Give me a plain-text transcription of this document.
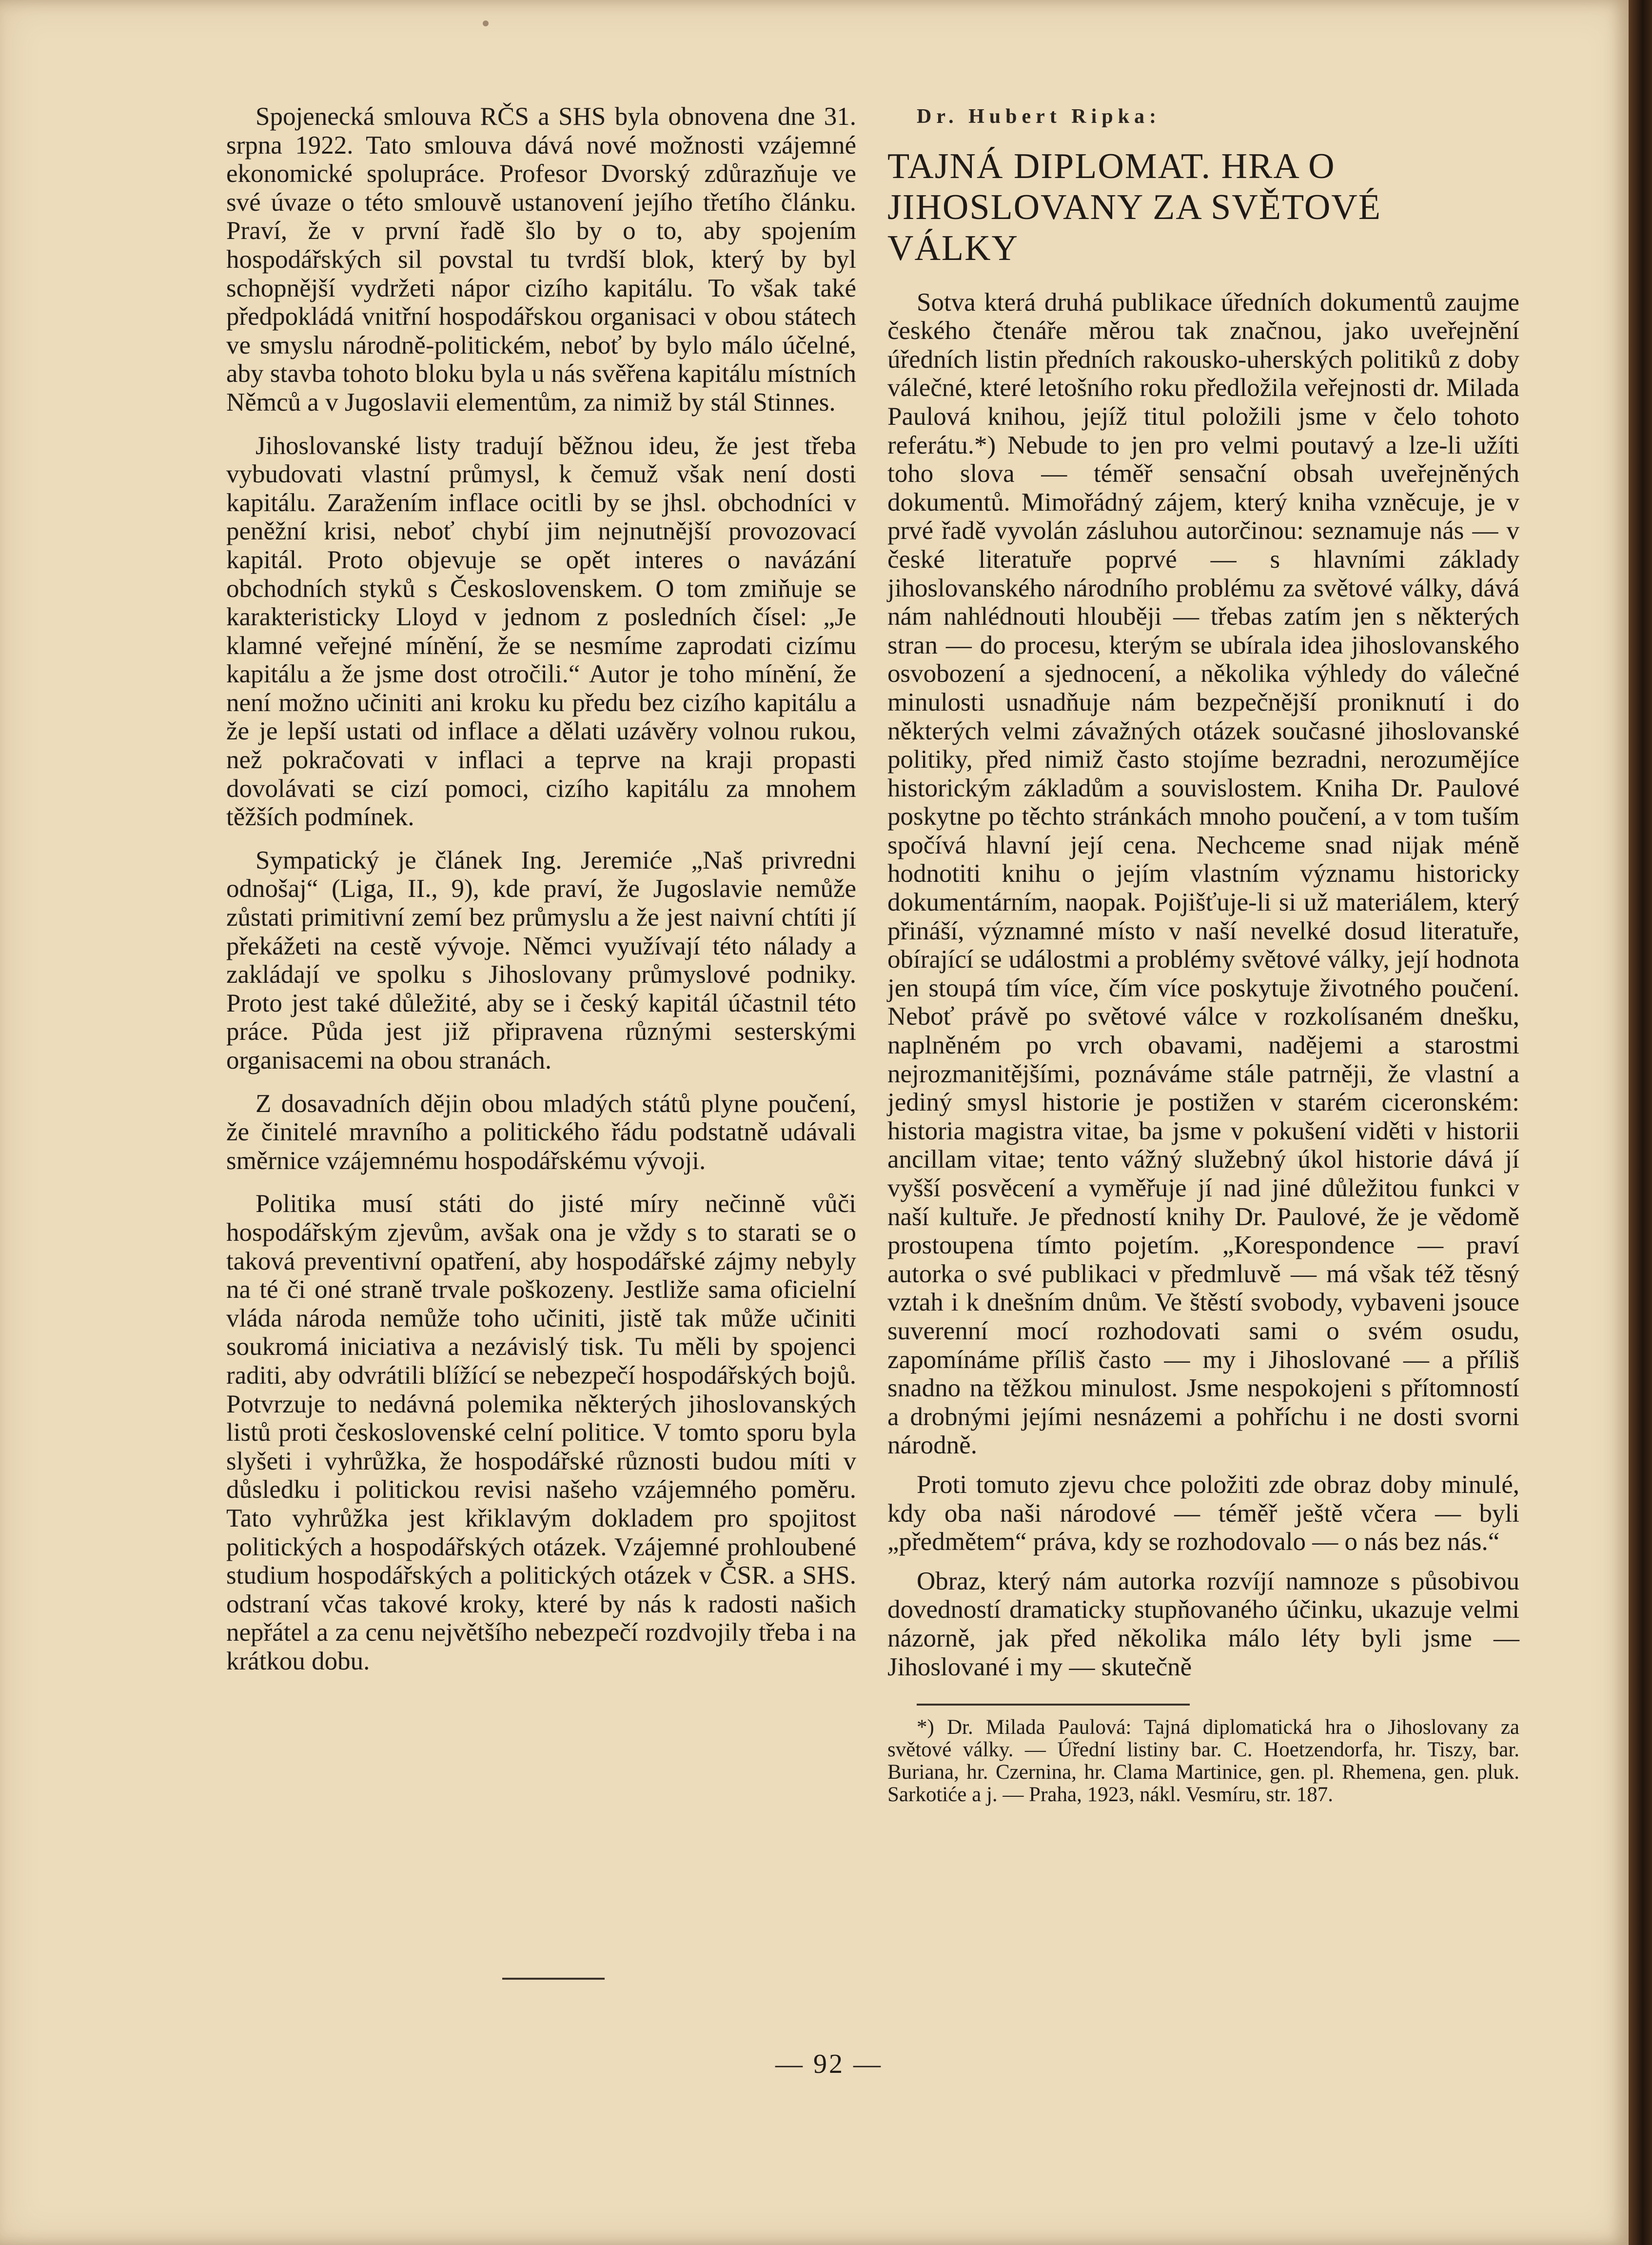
Spojenecká smlouva RČS a SHS byla obnovena dne 31. srpna 1922. Tato smlouva dává nové možnosti vzájemné ekonomické spolupráce. Profesor Dvorský zdůrazňuje ve své úvaze o této smlouvě ustanovení jejího třetího článku. Praví, že v první řadě šlo by o to, aby spojením hospodářských sil povstal tu tvrdší blok, který by byl schopnější vydržeti nápor cizího kapitálu. To však také předpokládá vnitřní hospodářskou organisaci v obou státech ve smyslu národně-politickém, neboť by bylo málo účelné, aby stavba tohoto bloku byla u nás svěřena kapitálu místních Němců a v Jugoslavii elementům, za nimiž by stál Stinnes.

Jihoslovanské listy tradují běžnou ideu, že jest třeba vybudovati vlastní průmysl, k čemuž však není dosti kapitálu. Zaražením inflace ocitli by se jhsl. obchodníci v peněžní krisi, neboť chybí jim nejnutnější provozovací kapitál. Proto objevuje se opět interes o navázání obchodních styků s Československem. O tom zmiňuje se karakteristicky Lloyd v jednom z posledních čísel: „Je klamné veřejné mínění, že se nesmíme zaprodati cizímu kapitálu a že jsme dost otročili.“ Autor je toho mínění, že není možno učiniti ani kroku ku předu bez cizího kapitálu a že je lepší ustati od inflace a dělati uzávěry volnou rukou, než pokračovati v inflaci a teprve na kraji propasti dovolávati se cizí pomoci, cizího kapitálu za mnohem těžších podmínek.

Sympatický je článek Ing. Jeremiće „Naš privredni odnošaj“ (Liga, II., 9), kde praví, že Jugoslavie nemůže zůstati primitivní zemí bez průmyslu a že jest naivní chtíti jí překážeti na cestě vývoje. Němci využívají této nálady a zakládají ve spolku s Jihoslovany průmyslové podniky. Proto jest také důležité, aby se i český kapitál účastnil této práce. Půda jest již připravena různými sesterskými organisacemi na obou stranách.

Z dosavadních dějin obou mladých států plyne poučení, že činitelé mravního a politického řádu podstatně udávali směrnice vzájemnému hospodářskému vývoji.

Politika musí státi do jisté míry nečinně vůči hospodářským zjevům, avšak ona je vždy s to starati se o taková preventivní opatření, aby hospodářské zájmy nebyly na té či oné straně trvale poškozeny. Jestliže sama oficielní vláda národa nemůže toho učiniti, jistě tak může učiniti soukromá iniciativa a nezávislý tisk. Tu měli by spojenci raditi, aby odvrátili blížící se nebezpečí hospodářských bojů. Potvrzuje to nedávná polemika některých jihoslovanských listů proti československé celní politice. V tomto sporu byla slyšeti i vyhrůžka, že hospodářské různosti budou míti v důsledku i politickou revisi našeho vzájemného poměru. Tato vyhrůžka jest křiklavým dokladem pro spojitost politických a hospodářských otázek. Vzájemné prohloubené studium hospodářských a politických otázek v ČSR. a SHS. odstraní včas takové kroky, které by nás k radosti našich nepřátel a za cenu největšího nebezpečí rozdvojily třeba i na krátkou dobu.

Dr. Hubert Ripka:

TAJNÁ DIPLOMAT. HRA O JIHOSLOVANY ZA SVĚTOVÉ VÁLKY

Sotva která druhá publikace úředních dokumentů zaujme českého čtenáře měrou tak značnou, jako uveřejnění úředních listin předních rakousko-uherských politiků z doby válečné, které letošního roku předložila veřejnosti dr. Milada Paulová knihou, jejíž titul položili jsme v čelo tohoto referátu.*) Nebude to jen pro velmi poutavý a lze-li užíti toho slova — téměř sensační obsah uveřejněných dokumentů. Mimořádný zájem, který kniha vzněcuje, je v prvé řadě vyvolán zásluhou autorčinou: seznamuje nás — v české literatuře poprvé — s hlavními základy jihoslovanského národního problému za světové války, dává nám nahlédnouti hlouběji — třebas zatím jen s některých stran — do procesu, kterým se ubírala idea jihoslovanského osvobození a sjednocení, a několika výhledy do válečné minulosti usnadňuje nám bezpečnější proniknutí i do některých velmi závažných otázek současné jihoslovanské politiky, před nimiž často stojíme bezradni, nerozumějíce historickým základům a souvislostem. Kniha Dr. Paulové poskytne po těchto stránkách mnoho poučení, a v tom tuším spočívá hlavní její cena. Nechceme snad nijak méně hodnotiti knihu o jejím vlastním významu historicky dokumentárním, naopak. Pojišťuje-li si už materiálem, který přináší, významné místo v naší nevelké dosud literatuře, obírající se událostmi a problémy světové války, její hodnota jen stoupá tím více, čím více poskytuje životného poučení. Neboť právě po světové válce v rozkolísaném dnešku, naplněném po vrch obavami, nadějemi a starostmi nejrozmanitějšími, poznáváme stále patrněji, že vlastní a jediný smysl historie je postižen v starém ciceronském: historia magistra vitae, ba jsme v pokušení viděti v historii ancillam vitae; tento vážný služebný úkol historie dává jí vyšší posvěcení a vyměřuje jí nad jiné důležitou funkci v naší kultuře. Je předností knihy Dr. Paulové, že je vědomě prostoupena tímto pojetím. „Korespondence — praví autorka o své publikaci v předmluvě — má však též těsný vztah i k dnešním dnům. Ve štěstí svobody, vybaveni jsouce suverenní mocí rozhodovati sami o svém osudu, zapomínáme příliš často — my i Jihoslované — a příliš snadno na těžkou minulost. Jsme nespokojeni s přítomností a drobnými jejími nesnázemi a pohříchu i ne dosti svorni národně.

Proti tomuto zjevu chce položiti zde obraz doby minulé, kdy oba naši národové — téměř ještě včera — byli „předmětem“ práva, kdy se rozhodovalo — o nás bez nás.“

Obraz, který nám autorka rozvíjí namnoze s působivou dovedností dramaticky stupňovaného účinku, ukazuje velmi názorně, jak před několika málo léty byli jsme — Jihoslované i my — skutečně

*) Dr. Milada Paulová: Tajná diplomatická hra o Jihoslovany za světové války. — Úřední listiny bar. C. Hoetzendorfa, hr. Tiszy, bar. Buriana, hr. Czernina, hr. Clama Martinice, gen. pl. Rhemena, gen. pluk. Sarkotiće a j. — Praha, 1923, nákl. Vesmíru, str. 187.

— 92 —
